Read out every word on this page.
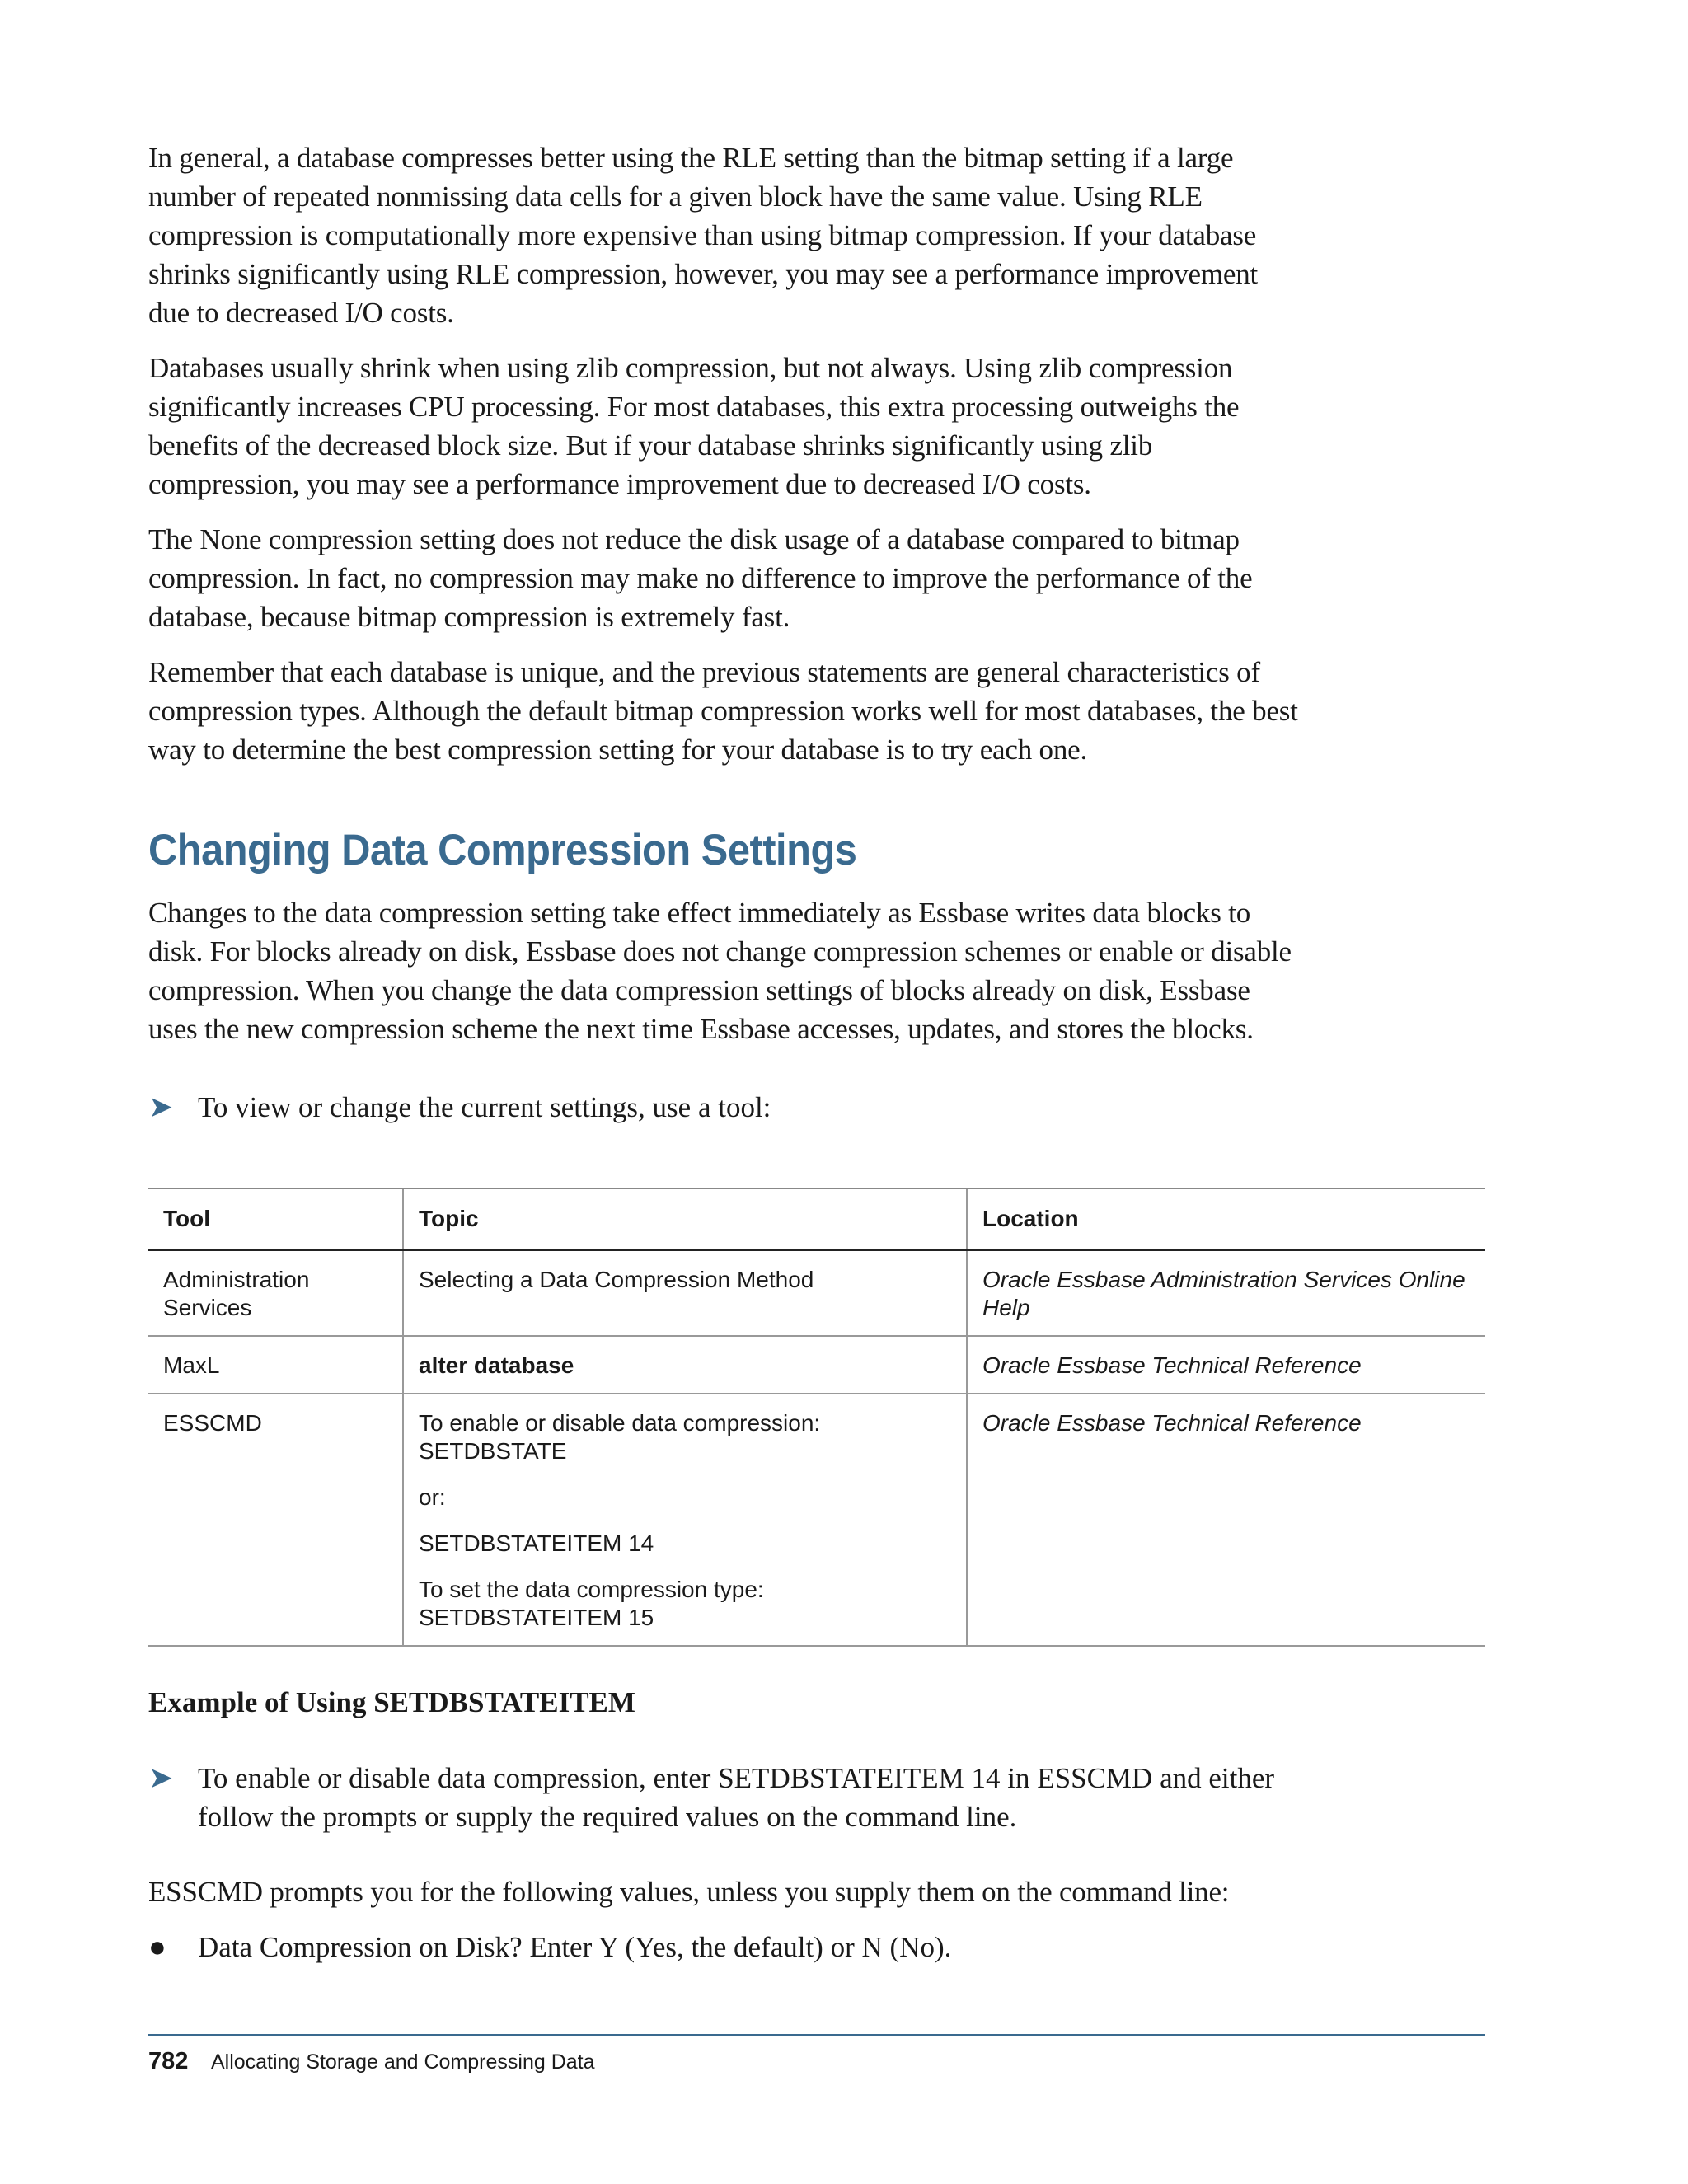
In general, a database compresses better using the RLE setting than the bitmap setting if a large number of repeated nonmissing data cells for a given block have the same value. Using RLE compression is computationally more expensive than using bitmap compression. If your database shrinks significantly using RLE compression, however, you may see a performance improvement due to decreased I/O costs.

Databases usually shrink when using zlib compression, but not always. Using zlib compression significantly increases CPU processing. For most databases, this extra processing outweighs the benefits of the decreased block size. But if your database shrinks significantly using zlib compression, you may see a performance improvement due to decreased I/O costs.

The None compression setting does not reduce the disk usage of a database compared to bitmap compression. In fact, no compression may make no difference to improve the performance of the database, because bitmap compression is extremely fast.

Remember that each database is unique, and the previous statements are general characteristics of compression types. Although the default bitmap compression works well for most databases, the best way to determine the best compression setting for your database is to try each one.

Changing Data Compression Settings

Changes to the data compression setting take effect immediately as Essbase writes data blocks to disk. For blocks already on disk, Essbase does not change compression schemes or enable or disable compression. When you change the data compression settings of blocks already on disk, Essbase uses the new compression scheme the next time Essbase accesses, updates, and stores the blocks.

➤ To view or change the current settings, use a tool:
Tool	Topic	Location
Administration Services	Selecting a Data Compression Method	Oracle Essbase Administration Services Online Help
MaxL	alter database	Oracle Essbase Technical Reference
ESSCMD	To enable or disable data compression: SETDBSTATE
or:
SETDBSTATEITEM 14
To set the data compression type: SETDBSTATEITEM 15	Oracle Essbase Technical Reference
Example of Using SETDBSTATEITEM
➤ To enable or disable data compression, enter SETDBSTATEITEM 14 in ESSCMD and either follow the prompts or supply the required values on the command line.

ESSCMD prompts you for the following values, unless you supply them on the command line:

●	Data Compression on Disk? Enter Y (Yes, the default) or N (No).
782 Allocating Storage and Compressing Data
